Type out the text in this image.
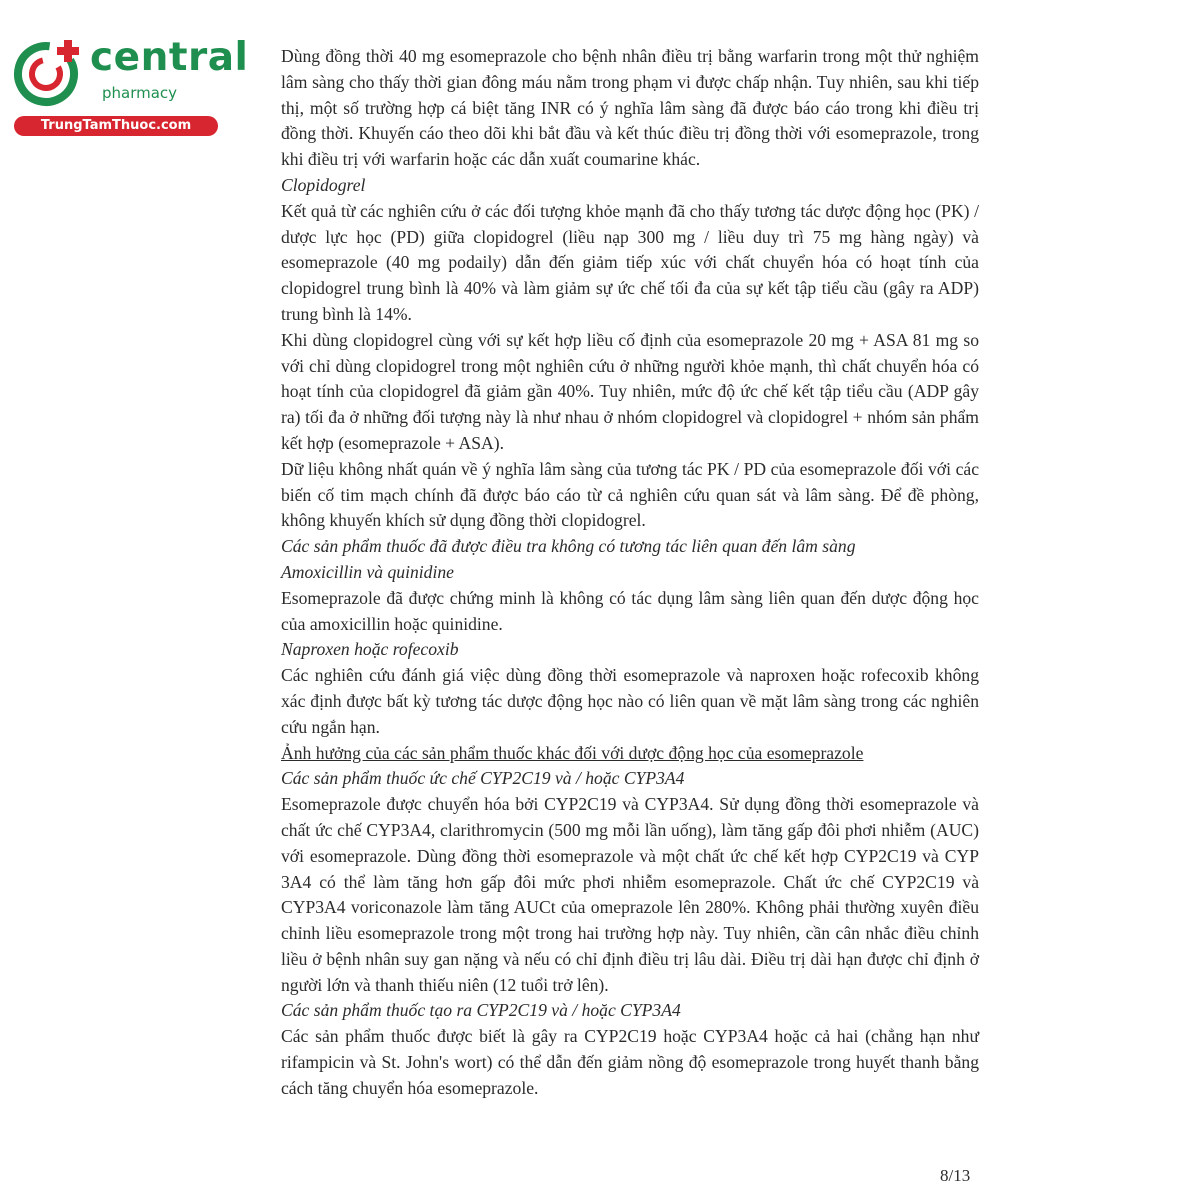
central
pharmacy
TrungTamThuoc.com

Dùng đồng thời 40 mg esomeprazole cho bệnh nhân điều trị bằng warfarin trong một thử nghiệm lâm sàng cho thấy thời gian đông máu nằm trong phạm vi được chấp nhận. Tuy nhiên, sau khi tiếp thị, một số trường hợp cá biệt tăng INR có ý nghĩa lâm sàng đã được báo cáo trong khi điều trị đồng thời. Khuyến cáo theo dõi khi bắt đầu và kết thúc điều trị đồng thời với esomeprazole, trong khi điều trị với warfarin hoặc các dẫn xuất coumarine khác.

Clopidogrel

Kết quả từ các nghiên cứu ở các đối tượng khỏe mạnh đã cho thấy tương tác dược động học (PK) / dược lực học (PD) giữa clopidogrel (liều nạp 300 mg / liều duy trì 75 mg hàng ngày) và esomeprazole (40 mg podaily) dẫn đến giảm tiếp xúc với chất chuyển hóa có hoạt tính của clopidogrel trung bình là 40% và làm giảm sự ức chế tối đa của sự kết tập tiểu cầu (gây ra ADP) trung bình là 14%.

Khi dùng clopidogrel cùng với sự kết hợp liều cố định của esomeprazole 20 mg + ASA 81 mg so với chỉ dùng clopidogrel trong một nghiên cứu ở những người khỏe mạnh, thì chất chuyển hóa có hoạt tính của clopidogrel đã giảm gần 40%. Tuy nhiên, mức độ ức chế kết tập tiểu cầu (ADP gây ra) tối đa ở những đối tượng này là như nhau ở nhóm clopidogrel và clopidogrel + nhóm sản phẩm kết hợp (esomeprazole + ASA).

Dữ liệu không nhất quán về ý nghĩa lâm sàng của tương tác PK / PD của esomeprazole đối với các biến cố tim mạch chính đã được báo cáo từ cả nghiên cứu quan sát và lâm sàng. Để đề phòng, không khuyến khích sử dụng đồng thời clopidogrel.

Các sản phẩm thuốc đã được điều tra không có tương tác liên quan đến lâm sàng

Amoxicillin và quinidine

Esomeprazole đã được chứng minh là không có tác dụng lâm sàng liên quan đến dược động học của amoxicillin hoặc quinidine.

Naproxen hoặc rofecoxib

Các nghiên cứu đánh giá việc dùng đồng thời esomeprazole và naproxen hoặc rofecoxib không xác định được bất kỳ tương tác dược động học nào có liên quan về mặt lâm sàng trong các nghiên cứu ngắn hạn.

Ảnh hưởng của các sản phẩm thuốc khác đối với dược động học của esomeprazole

Các sản phẩm thuốc ức chế CYP2C19 và / hoặc CYP3A4

Esomeprazole được chuyển hóa bởi CYP2C19 và CYP3A4. Sử dụng đồng thời esomeprazole và chất ức chế CYP3A4, clarithromycin (500 mg mỗi lần uống), làm tăng gấp đôi phơi nhiễm (AUC) với esomeprazole. Dùng đồng thời esomeprazole và một chất ức chế kết hợp CYP2C19 và CYP 3A4 có thể làm tăng hơn gấp đôi mức phơi nhiễm esomeprazole. Chất ức chế CYP2C19 và CYP3A4 voriconazole làm tăng AUCt của omeprazole lên 280%. Không phải thường xuyên điều chỉnh liều esomeprazole trong một trong hai trường hợp này. Tuy nhiên, cần cân nhắc điều chỉnh liều ở bệnh nhân suy gan nặng và nếu có chỉ định điều trị lâu dài. Điều trị dài hạn được chỉ định ở người lớn và thanh thiếu niên (12 tuổi trở lên).

Các sản phẩm thuốc tạo ra CYP2C19 và / hoặc CYP3A4

Các sản phẩm thuốc được biết là gây ra CYP2C19 hoặc CYP3A4 hoặc cả hai (chẳng hạn như rifampicin và St. John's wort) có thể dẫn đến giảm nồng độ esomeprazole trong huyết thanh bằng cách tăng chuyển hóa esomeprazole.

8/13
